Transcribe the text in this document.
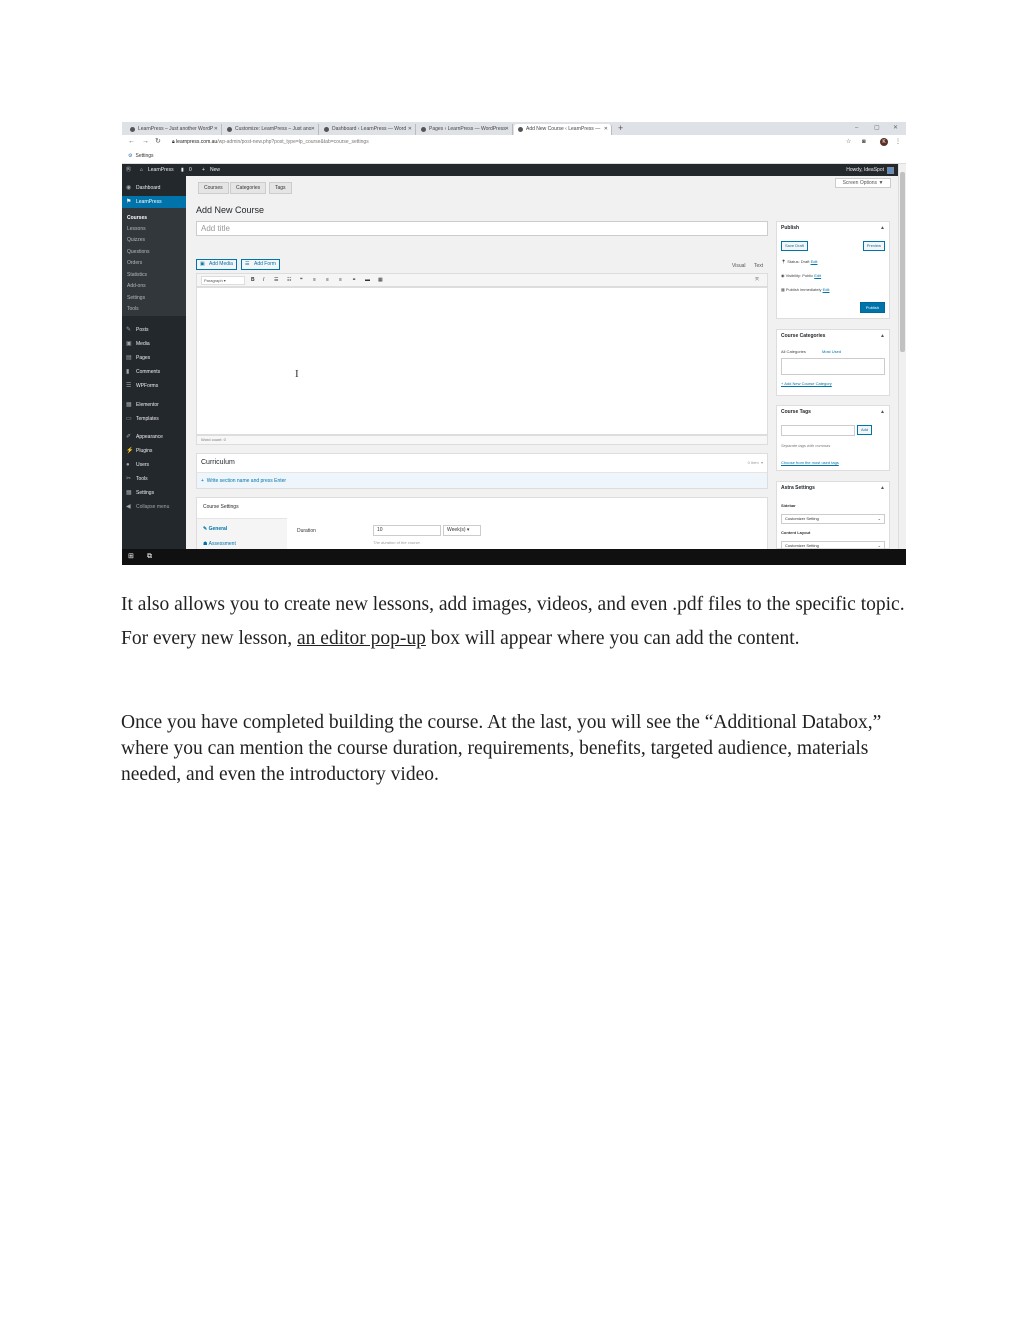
LearnPress – Just another WordP ✕	Customize: LearnPress – Just ano ✕	Dashboard ‹ LearnPress — Word ✕	Pages ‹ LearnPress — WordPress ✕	Add New Course ‹ LearnPress — ✕ +	–	▢ ✕
← → ↻ 🔒︎ learnpress.com.au/wp-admin/post-new.php?post_type=lp_course&tab=course_settings	☆ ◙	K	⋮
⚙ Settings
Ⓦ ⌂ LearnPress ▮ 0 + New	Howdy, IdeaSpot
◉ Dashboard
⚑ LearnPress
Courses
Lessons
Quizzes
Questions
Orders
Statistics
Add-ons
Settings
Tools
✎ Posts
▣ Media
▤ Pages
▮ Comments
☰ WPForms
▦ Elementor
▭ Templates
✐ Appearance
⚡ Plugins
● Users
✂ Tools
▦ Settings
◀ Collapse menu
Courses	Categories	Tags
Screen Options ▼
Add New Course
Add title
▣ Add Media	☰ Add Form	Visual Text
Paragraph ▾	B I ☰ ☷ ❝ ≡ ≡ ≡ ⚭ ▬ ▦	⤧
I
Word count: 0
Curriculum	0 Item  ▾
+  Write section name and press Enter
Course Settings
✎ General
☗ Assessment
Duration	10	Week(s) ▾
The duration of the course.
Publish	▲
Save Draft	Preview
📍︎ Status: Draft Edit
◉ Visibility: Public Edit
▦ Publish immediately Edit
Publish
Course Categories	▲
All Categories	Most Used
+ Add New Course Category
Course Tags	▲
Add
Separate tags with commas
Choose from the most used tags
Astra Settings	▲
Sidebar
Customizer Setting	⌄
Content Layout
Customizer Setting	⌄
⊞ ⧉

It also allows you to create new lessons, add images, videos, and even .pdf files to the specific topic. For every new lesson, an editor pop-up box will appear where you can add the content.

Once you have completed building the course. At the last, you will see the “Additional Databox,” where you can mention the course duration, requirements, benefits, targeted audience, materials needed, and even the introductory video.
